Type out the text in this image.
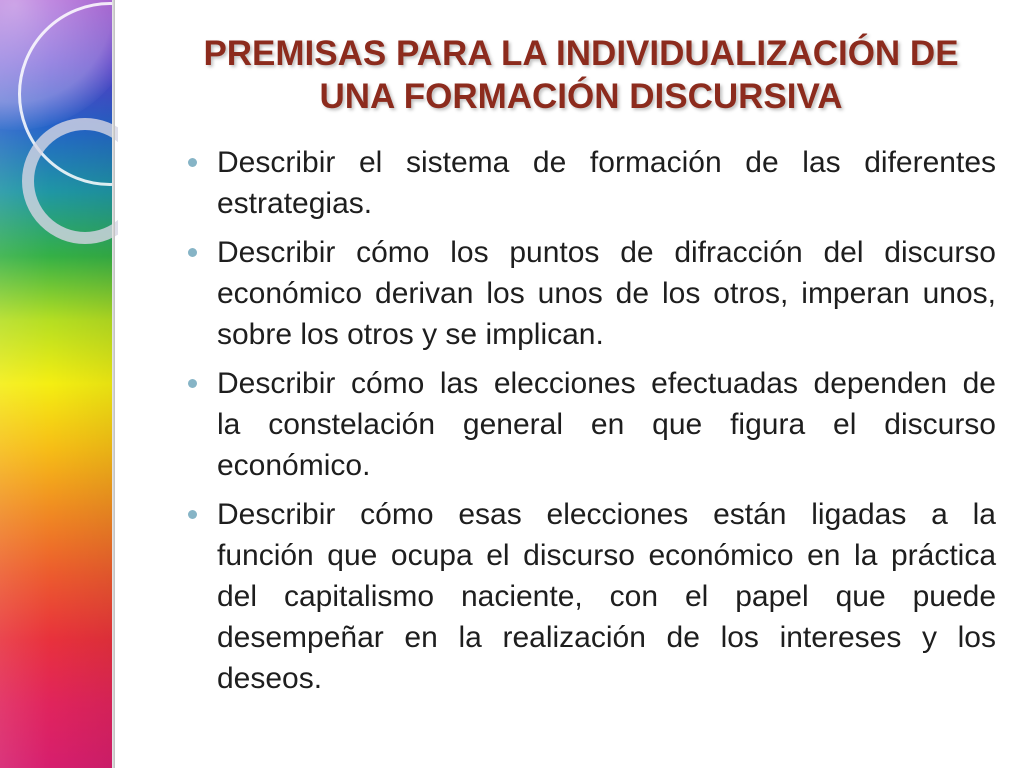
PREMISAS PARA LA INDIVIDUALIZACIÓN DE
UNA FORMACIÓN DISCURSIVA
Describir el sistema de formación de las diferentes
estrategias.
Describir cómo los puntos de difracción del discurso
económico derivan los unos de los otros, imperan unos,
sobre los otros y se implican.
Describir cómo las elecciones efectuadas dependen de
la constelación general en que figura el discurso
económico.
Describir cómo esas elecciones están ligadas a la
función que ocupa el discurso económico en la práctica
del capitalismo naciente, con el papel que puede
desempeñar en la realización de los intereses y los
deseos.
